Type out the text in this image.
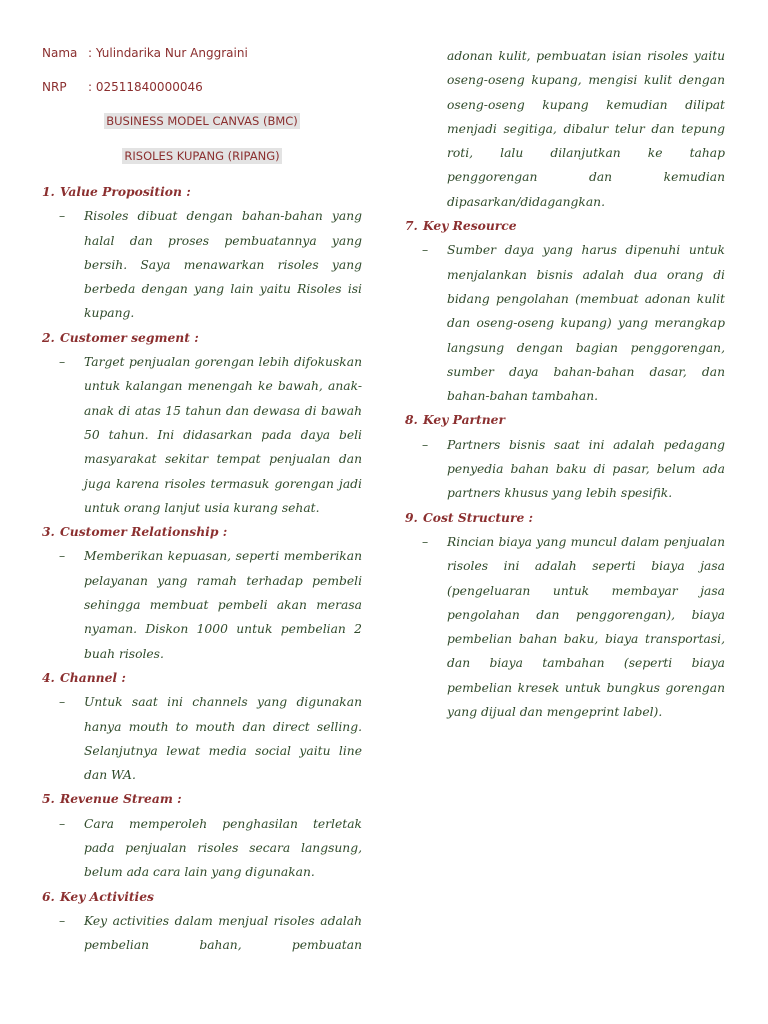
Nama : Yulindarika Nur Anggraini
NRP : 02511840000046
BUSINESS MODEL CANVAS (BMC)
RISOLES KUPANG (RIPANG)
1. Value Proposition :
– Risoles dibuat dengan bahan-bahan yang halal dan proses pembuatannya yang bersih. Saya menawarkan risoles yang berbeda dengan yang lain yaitu Risoles isi kupang.
2. Customer segment :
– Target penjualan gorengan lebih difokuskan untuk kalangan menengah ke bawah, anak-anak di atas 15 tahun dan dewasa di bawah 50 tahun. Ini didasarkan pada daya beli masyarakat sekitar tempat penjualan dan juga karena risoles termasuk gorengan jadi untuk orang lanjut usia kurang sehat.
3. Customer Relationship :
– Memberikan kepuasan, seperti memberikan pelayanan yang ramah terhadap pembeli sehingga membuat pembeli akan merasa nyaman. Diskon 1000 untuk pembelian 2 buah risoles.
4. Channel :
– Untuk saat ini channels yang digunakan hanya mouth to mouth dan direct selling. Selanjutnya lewat media social yaitu line dan WA.
5. Revenue Stream :
– Cara memperoleh penghasilan terletak pada penjualan risoles secara langsung, belum ada cara lain yang digunakan.
6. Key Activities
– Key activities dalam menjual risoles adalah pembelian bahan, pembuatan
adonan kulit, pembuatan isian risoles yaitu oseng-oseng kupang, mengisi kulit dengan oseng-oseng kupang kemudian dilipat menjadi segitiga, dibalur telur dan tepung roti, lalu dilanjutkan ke tahap penggorengan dan kemudian dipasarkan/didagangkan.
7. Key Resource
– Sumber daya yang harus dipenuhi untuk menjalankan bisnis adalah dua orang di bidang pengolahan (membuat adonan kulit dan oseng-oseng kupang) yang merangkap langsung dengan bagian penggorengan, sumber daya bahan-bahan dasar, dan bahan-bahan tambahan.
8. Key Partner
– Partners bisnis saat ini adalah pedagang penyedia bahan baku di pasar, belum ada partners khusus yang lebih spesifik.
9. Cost Structure :
– Rincian biaya yang muncul dalam penjualan risoles ini adalah seperti biaya jasa (pengeluaran untuk membayar jasa pengolahan dan penggorengan), biaya pembelian bahan baku, biaya transportasi, dan biaya tambahan (seperti biaya pembelian kresek untuk bungkus gorengan yang dijual dan mengeprint label).
